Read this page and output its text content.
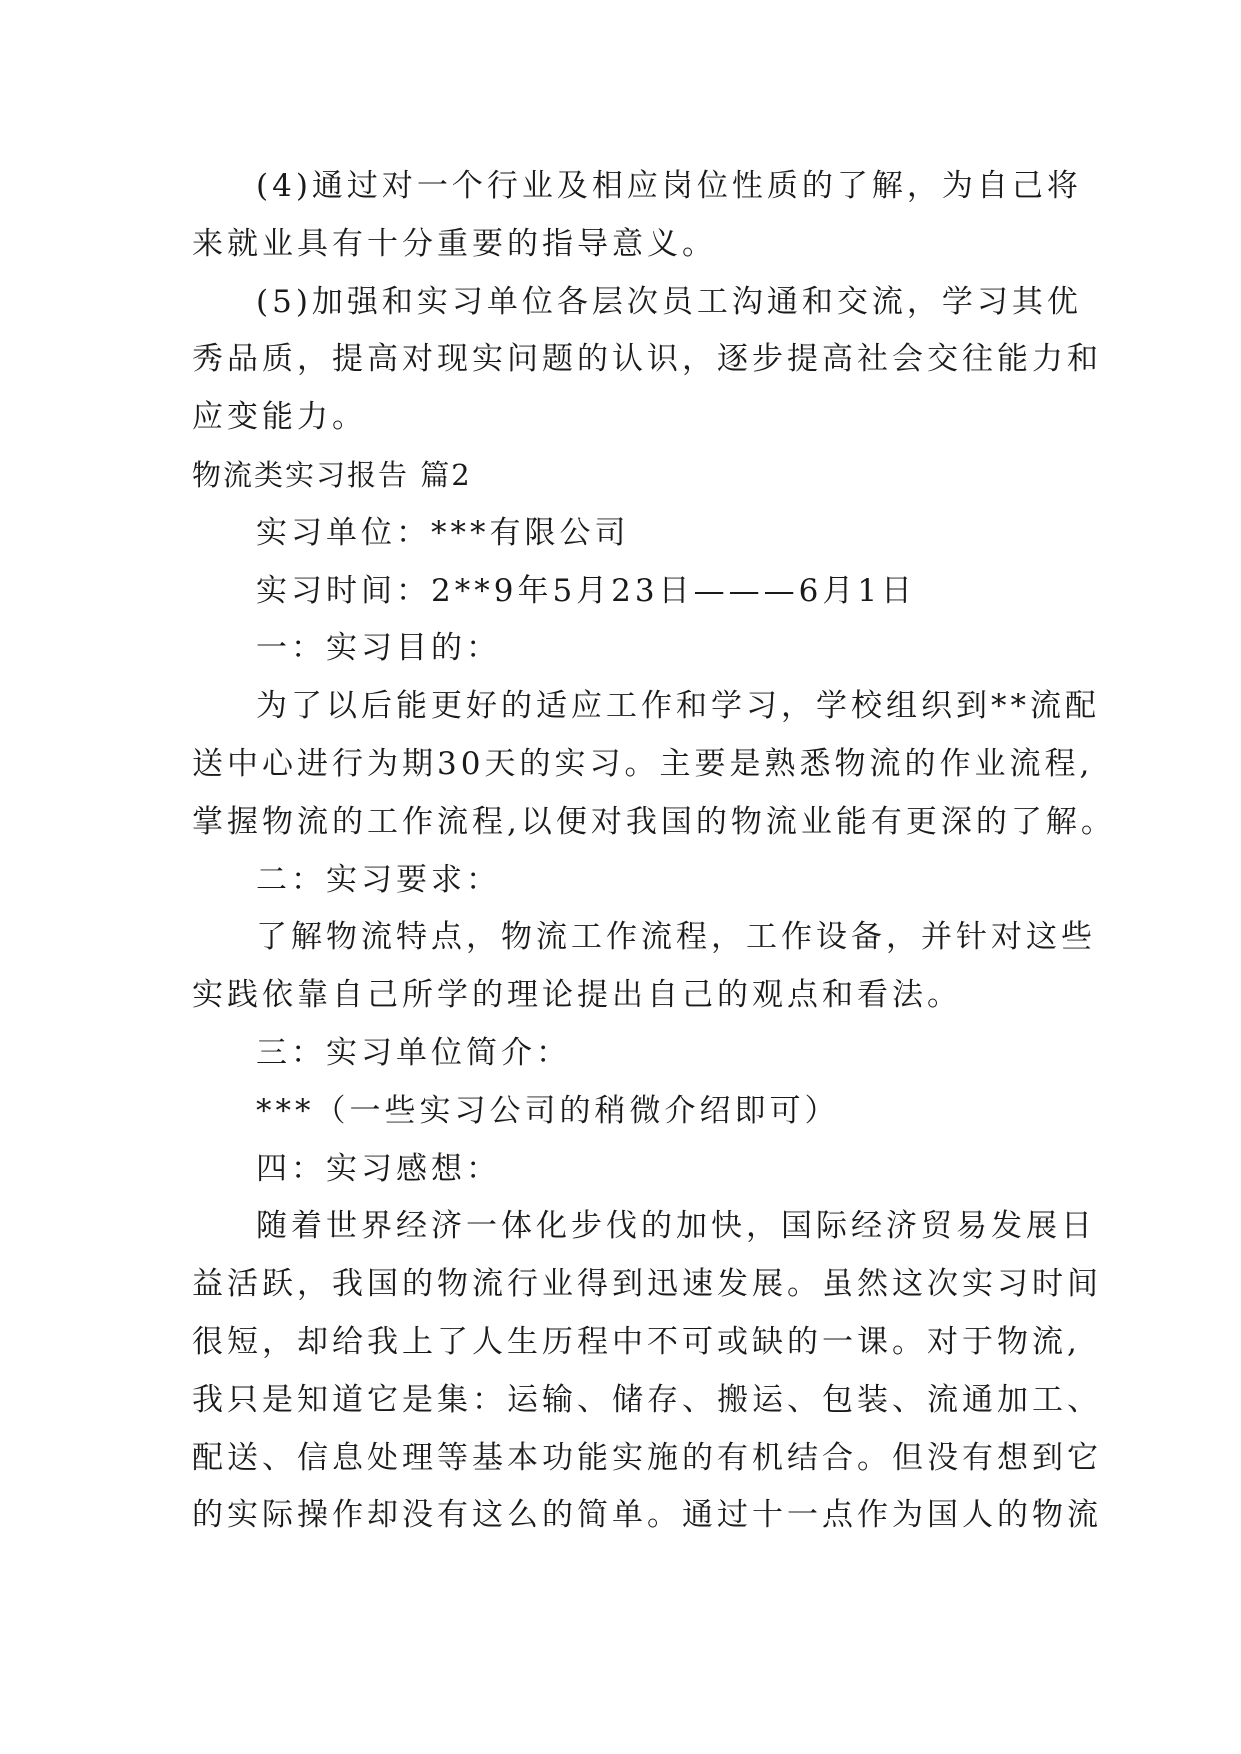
(4)通过对一个行业及相应岗位性质的了解，为自己将
来就业具有十分重要的指导意义。
(5)加强和实习单位各层次员工沟通和交流，学习其优
秀品质，提高对现实问题的认识，逐步提高社会交往能力和
应变能力。
物流类实习报告 篇2
实习单位：***有限公司
实习时间：2**9年5月23日———6月1日
一：实习目的：
为了以后能更好的适应工作和学习，学校组织到**流配
送中心进行为期30天的实习。主要是熟悉物流的作业流程,
掌握物流的工作流程,以便对我国的物流业能有更深的了解。
二：实习要求：
了解物流特点，物流工作流程，工作设备，并针对这些
实践依靠自己所学的理论提出自己的观点和看法。
三：实习单位简介：
***（一些实习公司的稍微介绍即可）
四：实习感想：
随着世界经济一体化步伐的加快，国际经济贸易发展日
益活跃，我国的物流行业得到迅速发展。虽然这次实习时间
很短，却给我上了人生历程中不可或缺的一课。对于物流,
我只是知道它是集：运输、储存、搬运、包装、流通加工、
配送、信息处理等基本功能实施的有机结合。但没有想到它
的实际操作却没有这么的简单。通过十一点作为国人的物流
